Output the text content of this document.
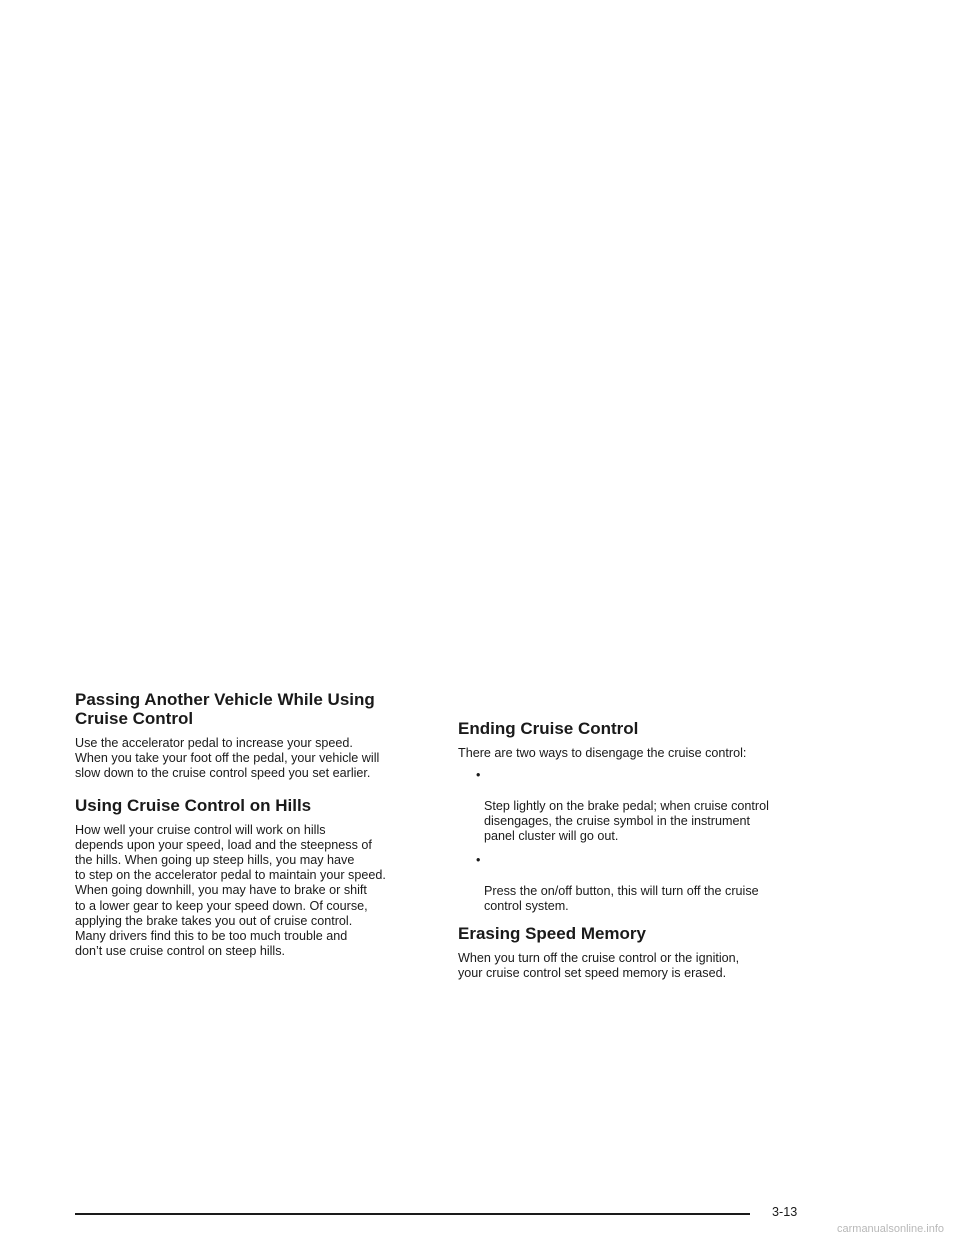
Passing Another Vehicle While Using
Cruise Control

Use the accelerator pedal to increase your speed.
When you take your foot off the pedal, your vehicle will
slow down to the cruise control speed you set earlier.

Using Cruise Control on Hills

How well your cruise control will work on hills
depends upon your speed, load and the steepness of
the hills. When going up steep hills, you may have
to step on the accelerator pedal to maintain your speed.
When going downhill, you may have to brake or shift
to a lower gear to keep your speed down. Of course,
applying the brake takes you out of cruise control.
Many drivers find this to be too much trouble and
don’t use cruise control on steep hills.

Ending Cruise Control

There are two ways to disengage the cruise control:

•

Step lightly on the brake pedal; when cruise control
disengages, the cruise symbol in the instrument
panel cluster will go out.

•

Press the on/off button, this will turn off the cruise
control system.

Erasing Speed Memory

When you turn off the cruise control or the ignition,
your cruise control set speed memory is erased.

3-13
carmanualsonline.info
